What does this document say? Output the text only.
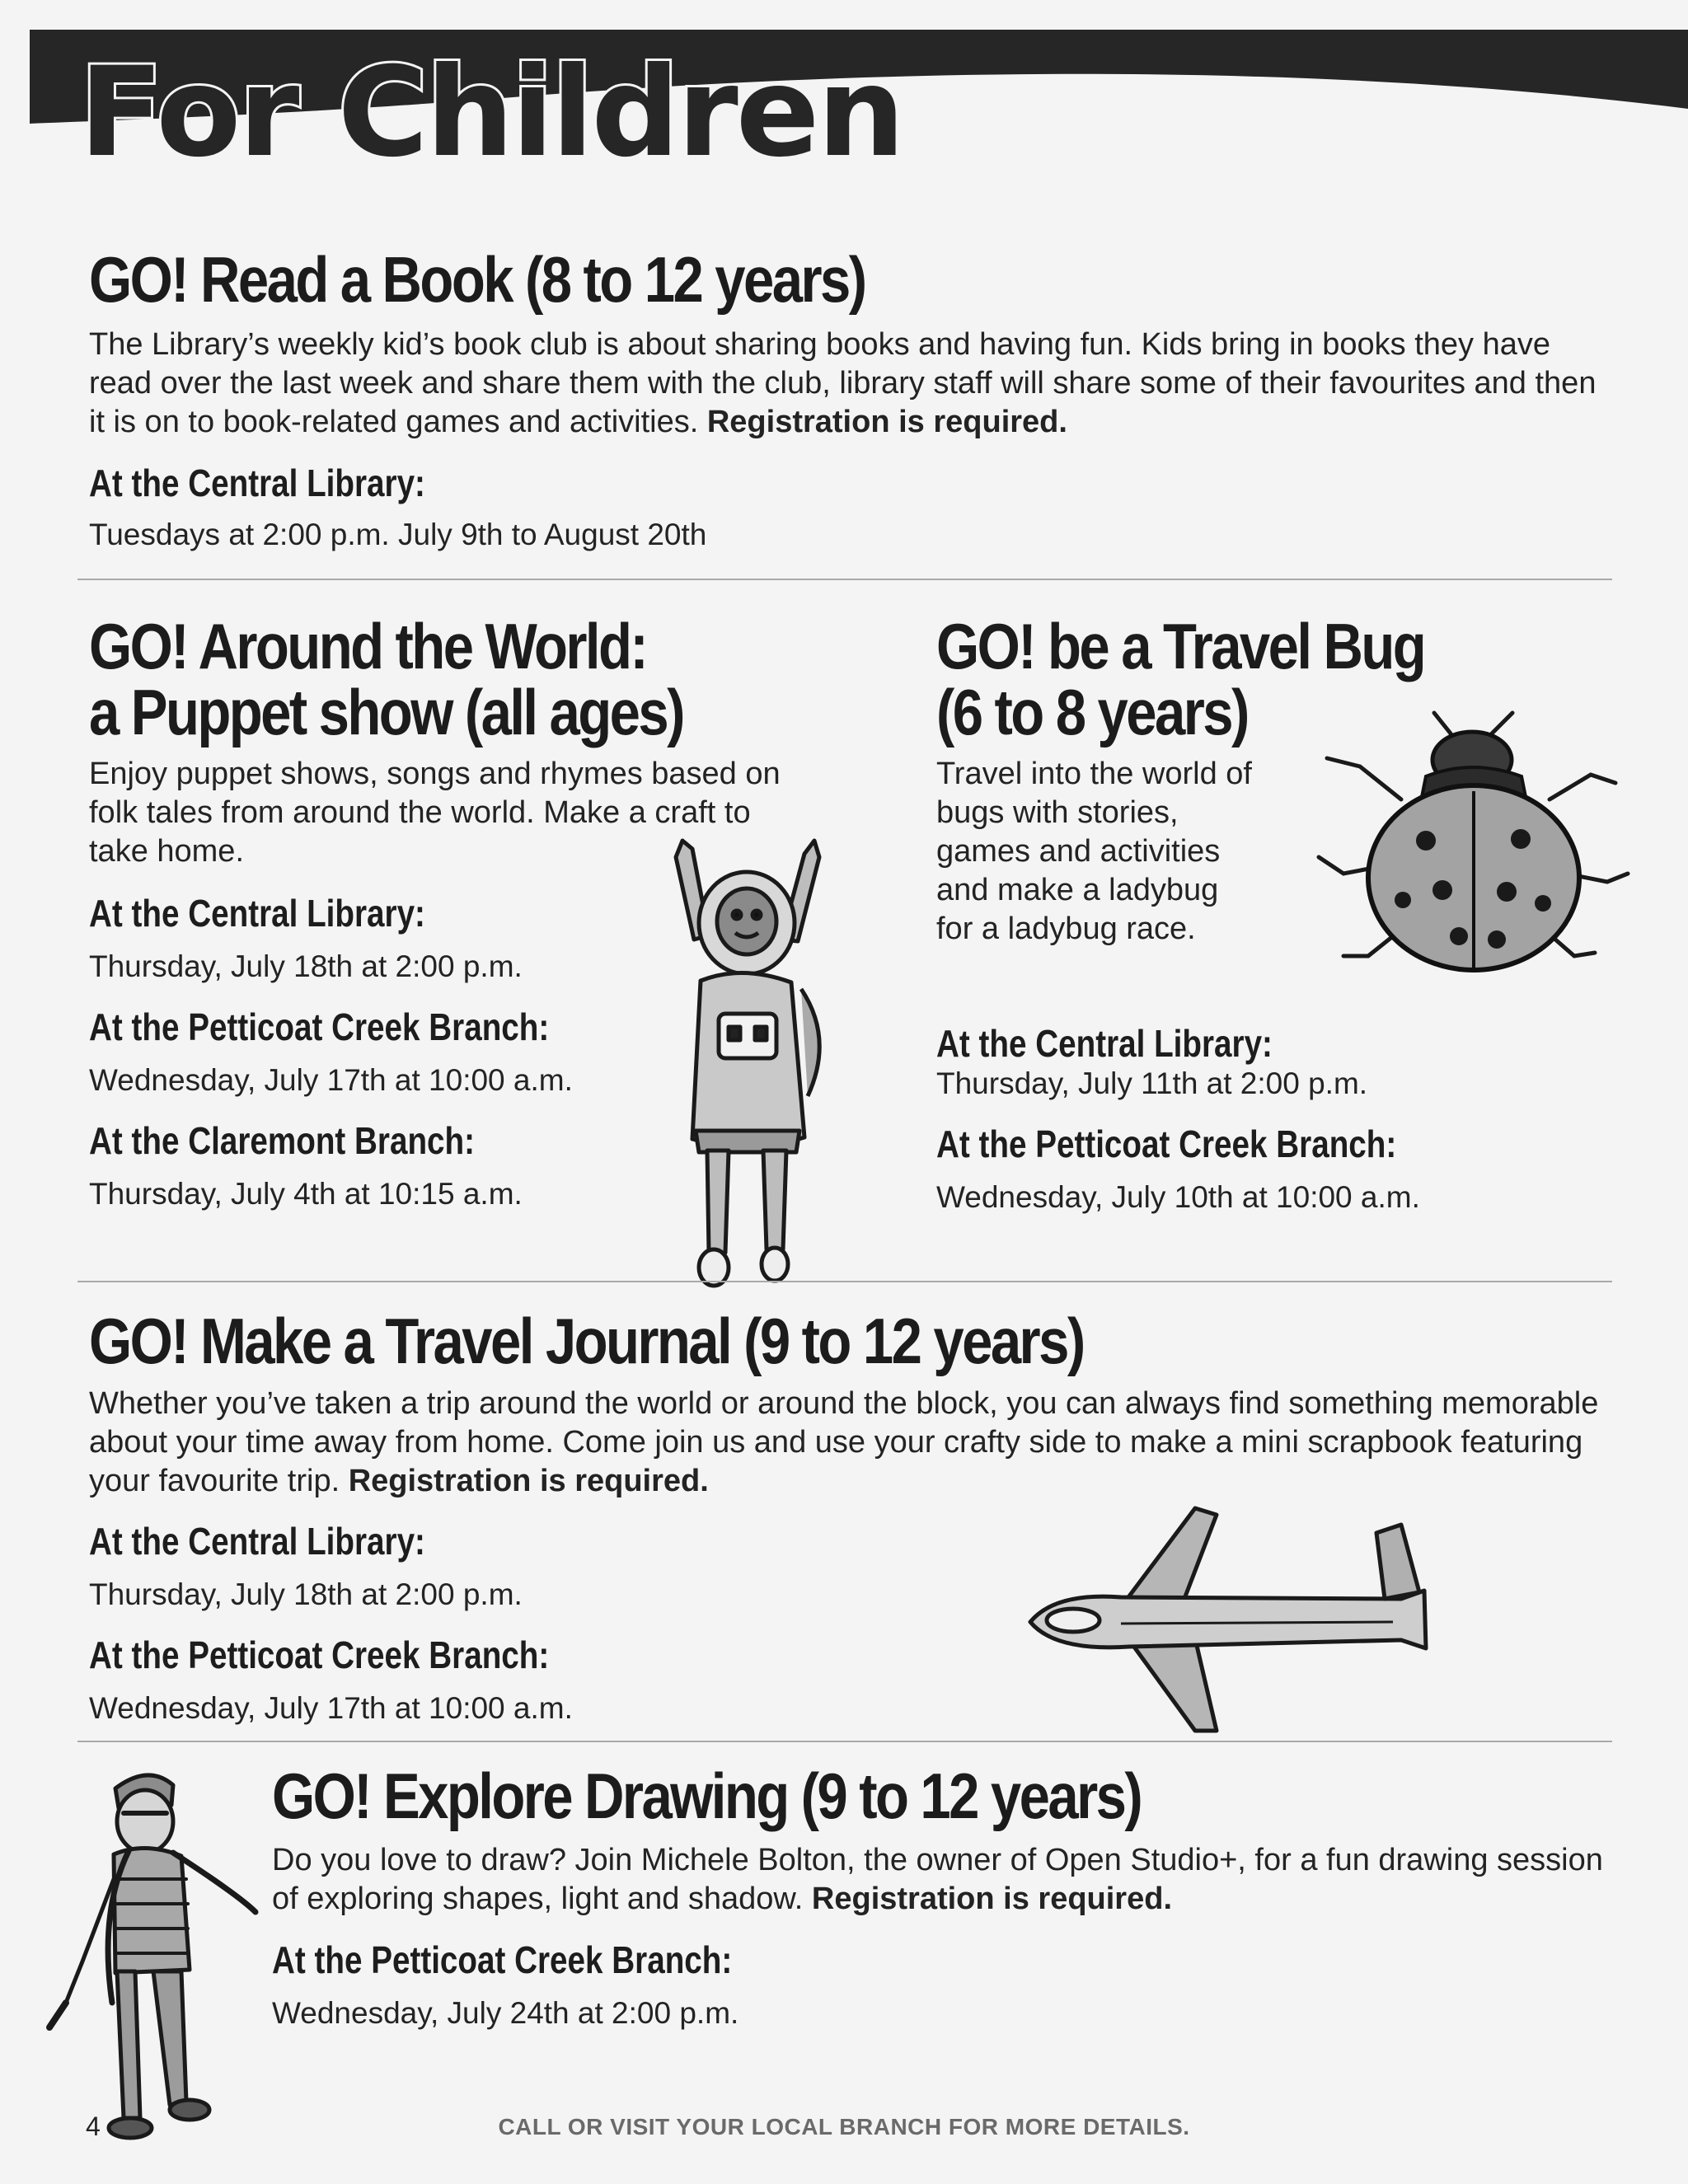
For Children
GO! Read a Book (8 to 12 years)

The Library’s weekly kid’s book club is about sharing books and having fun. Kids bring in books they have read over the last week and share them with the club, library staff will share some of their favourites and then it is on to book-related games and activities. Registration is required.

At the Central Library:

Tuesdays at 2:00 p.m. July 9th to August 20th

GO! Around the World:
a Puppet show (all ages)

Enjoy puppet shows, songs and rhymes based on
folk tales from around the world. Make a craft to
take home.

At the Central Library:

Thursday, July 18th at 2:00 p.m.

At the Petticoat Creek Branch:

Wednesday, July 17th at 10:00 a.m.

At the Claremont Branch:

Thursday, July 4th at 10:15 a.m.

GO! be a Travel Bug
(6 to 8 years)

Travel into the world of
bugs with stories,
games and activities
and make a ladybug
for a ladybug race.

At the Central Library:

Thursday, July 11th at 2:00 p.m.

At the Petticoat Creek Branch:

Wednesday, July 10th at 10:00 a.m.

GO! Make a Travel Journal (9 to 12 years)

Whether you’ve taken a trip around the world or around the block, you can always find something memorable about your time away from home. Come join us and use your crafty side to make a mini scrapbook featuring your favourite trip. Registration is required.

At the Central Library:

Thursday, July 18th at 2:00 p.m.

At the Petticoat Creek Branch:

Wednesday, July 17th at 10:00 a.m.

GO! Explore Drawing (9 to 12 years)

Do you love to draw? Join Michele Bolton, the owner of Open Studio+, for a fun drawing session of exploring shapes, light and shadow. Registration is required.

At the Petticoat Creek Branch:

Wednesday, July 24th at 2:00 p.m.

4	CALL OR VISIT YOUR LOCAL BRANCH FOR MORE DETAILS.
